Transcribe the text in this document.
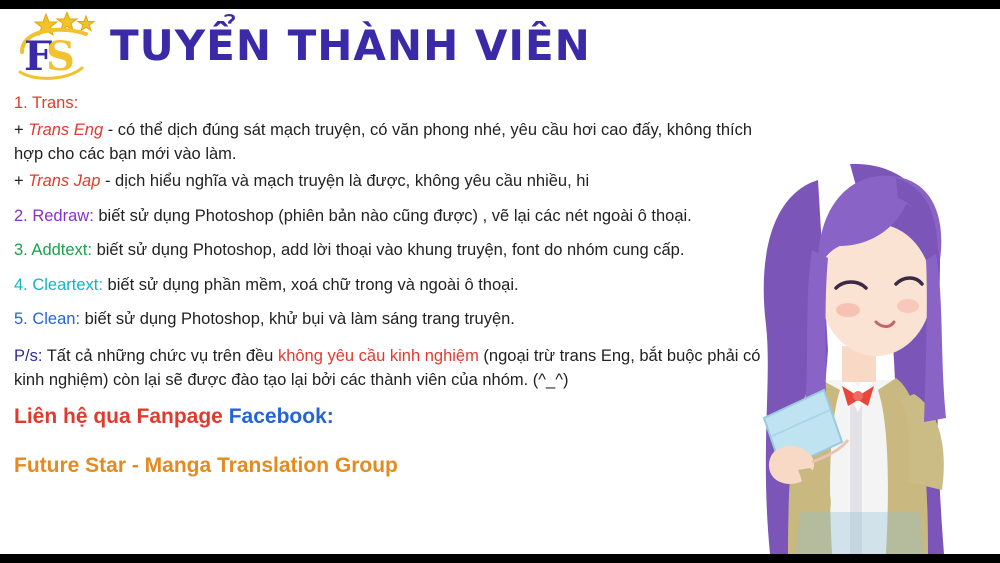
F
S TUYỂN THÀNH VIÊN

1. Trans:

+ Trans Eng - có thể dịch đúng sát mạch truyện, có văn phong nhé, yêu cầu hơi cao đấy, không thích hợp cho các bạn mới vào làm.

+ Trans Jap - dịch hiểu nghĩa và mạch truyện là được, không yêu cầu nhiều, hi

2. Redraw: biết sử dụng Photoshop (phiên bản nào cũng được) , vẽ lại các nét ngoài ô thoại.

3. Addtext: biết sử dụng Photoshop, add lời thoại vào khung truyện, font do nhóm cung cấp.

4. Cleartext: biết sử dụng phần mềm, xoá chữ trong và ngoài ô thoại.

5. Clean: biết sử dụng Photoshop, khử bụi và làm sáng trang truyện.

P/s: Tất cả những chức vụ trên đều không yêu cầu kinh nghiệm (ngoại trừ trans Eng, bắt buộc phải có kinh nghiệm) còn lại sẽ được đào tạo lại bởi các thành viên của nhóm. (^_^)

Liên hệ qua Fanpage Facebook:

Future Star - Manga Translation Group
